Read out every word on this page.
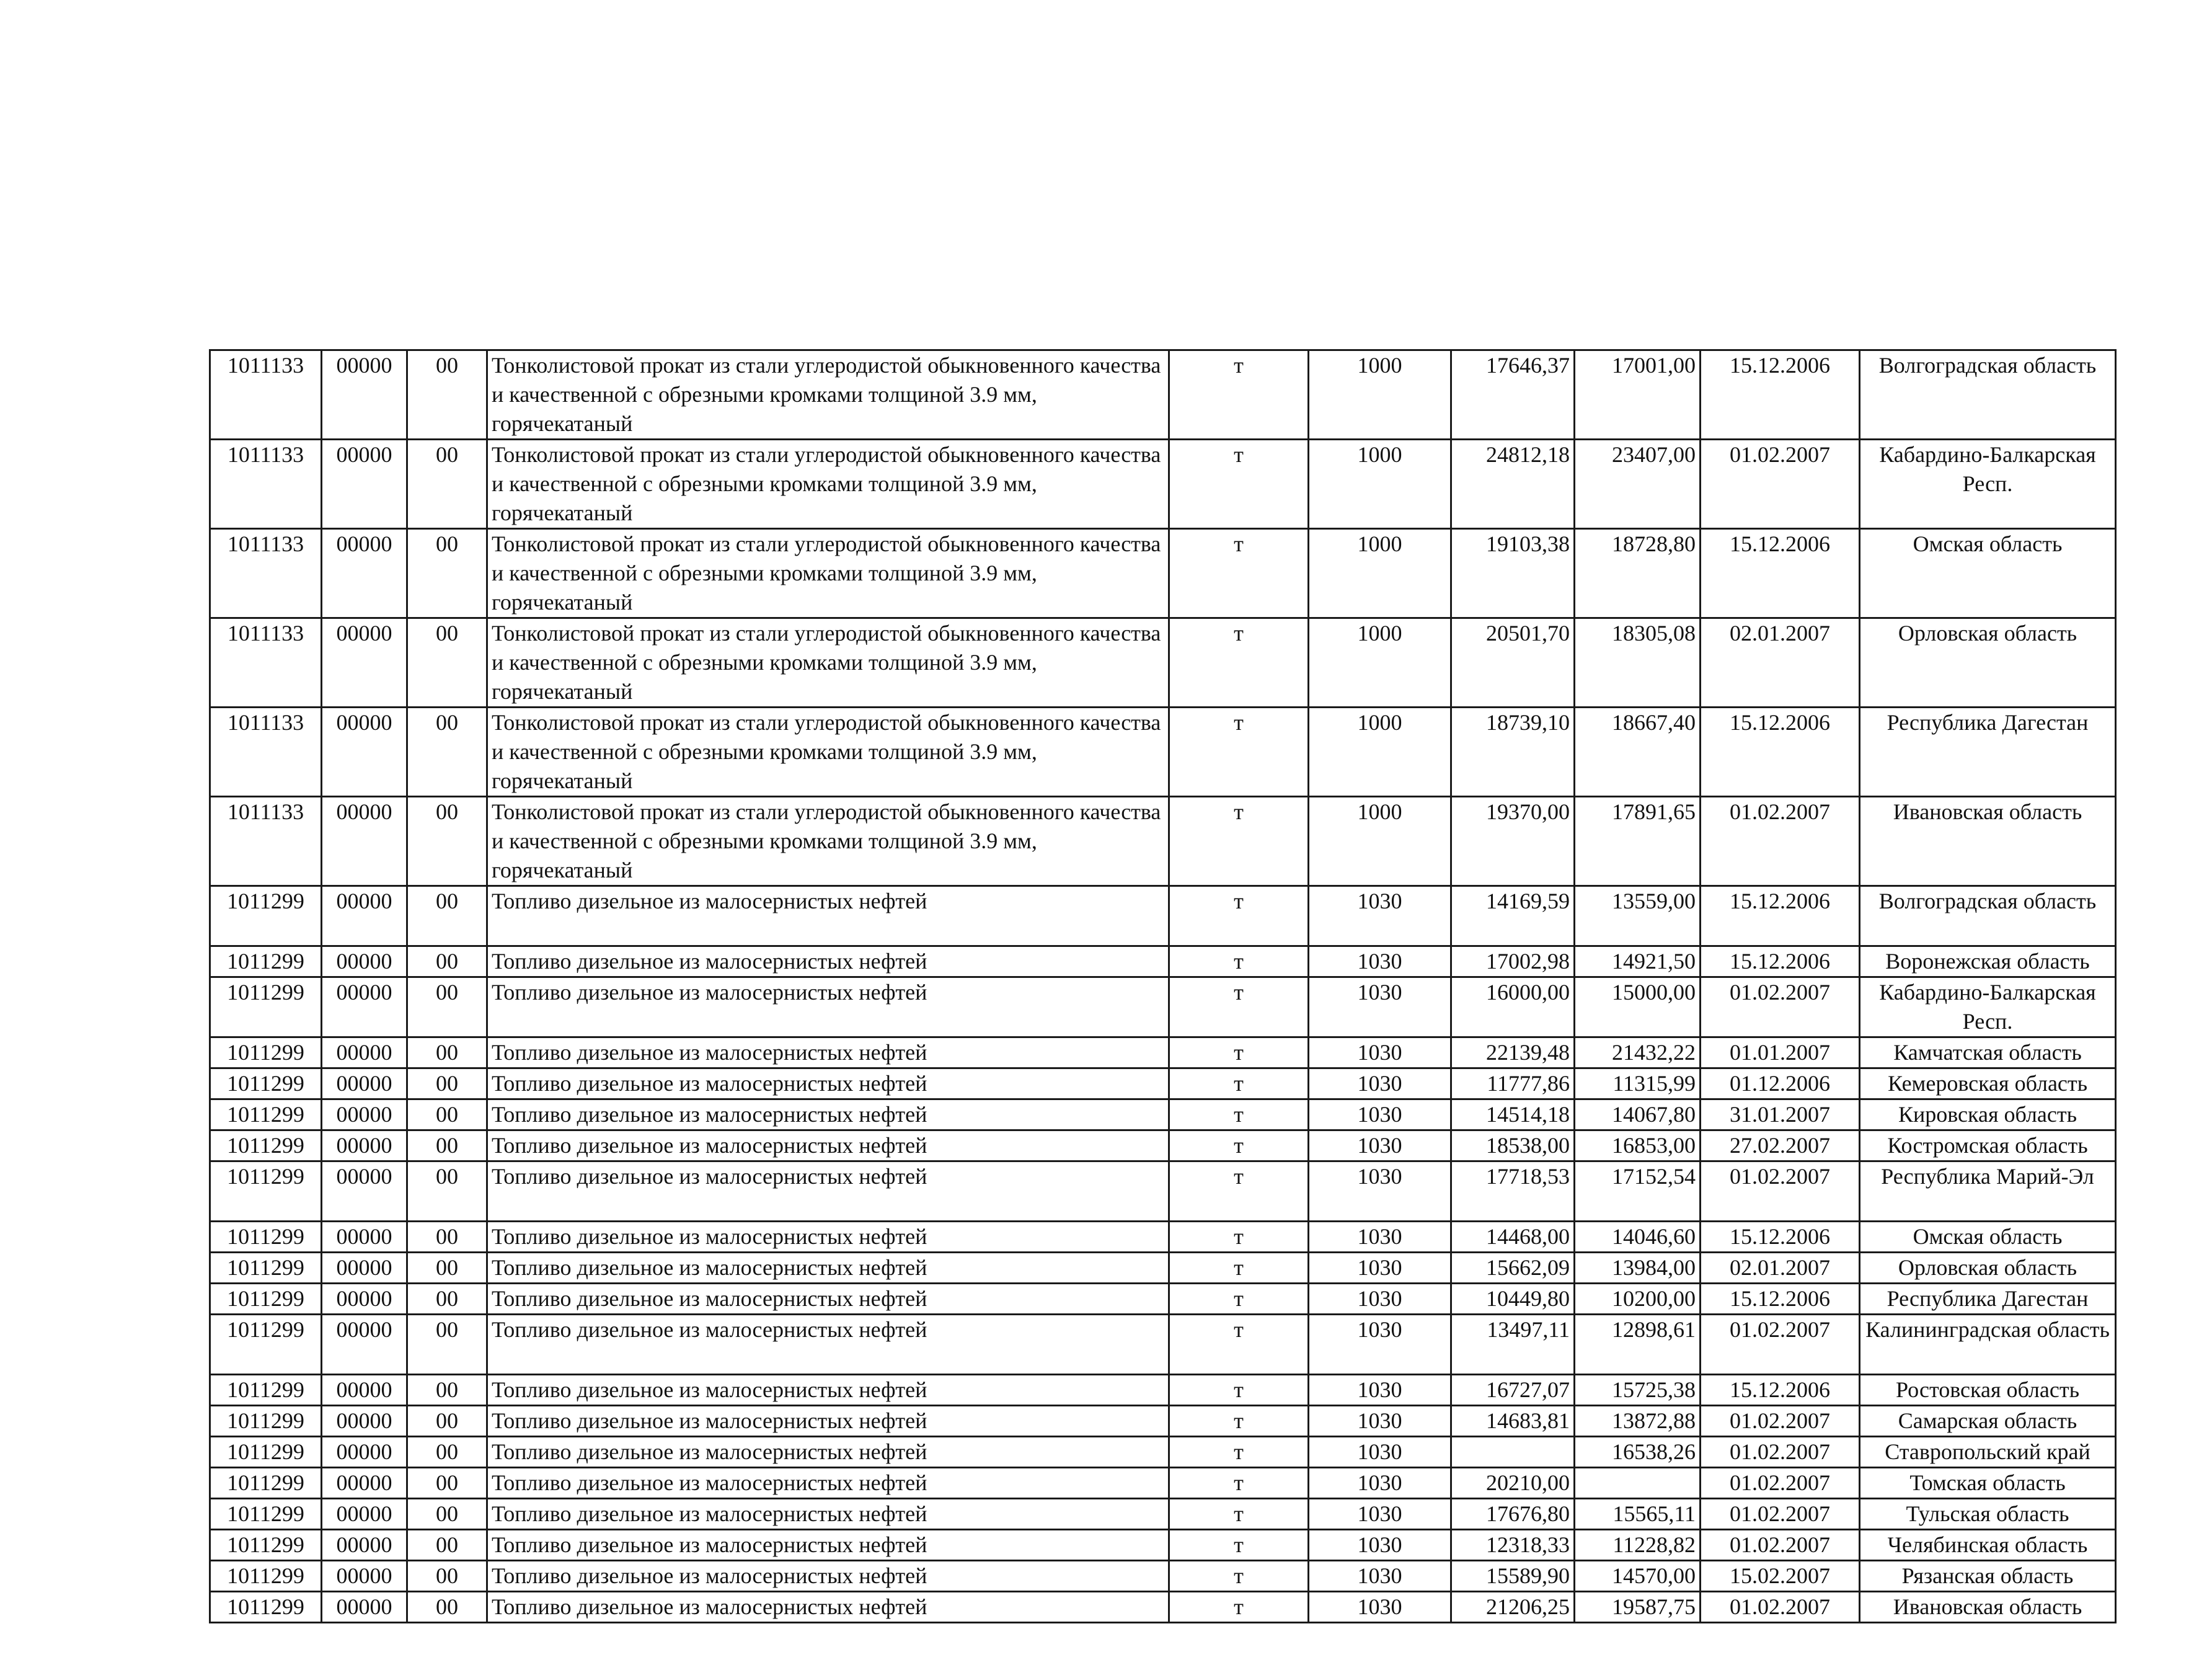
1011133	00000	00	Тонколистовой прокат из стали углеродистой обыкновенного качества и качественной с обрезными кромками толщиной 3.9 мм, горячекатаный	т	1000	17646,37	17001,00	15.12.2006	Волгоградская область
1011133	00000	00	Тонколистовой прокат из стали углеродистой обыкновенного качества и качественной с обрезными кромками толщиной 3.9 мм, горячекатаный	т	1000	24812,18	23407,00	01.02.2007	Кабардино-Балкарская Респ.
1011133	00000	00	Тонколистовой прокат из стали углеродистой обыкновенного качества и качественной с обрезными кромками толщиной 3.9 мм, горячекатаный	т	1000	19103,38	18728,80	15.12.2006	Омская область
1011133	00000	00	Тонколистовой прокат из стали углеродистой обыкновенного качества и качественной с обрезными кромками толщиной 3.9 мм, горячекатаный	т	1000	20501,70	18305,08	02.01.2007	Орловская область
1011133	00000	00	Тонколистовой прокат из стали углеродистой обыкновенного качества и качественной с обрезными кромками толщиной 3.9 мм, горячекатаный	т	1000	18739,10	18667,40	15.12.2006	Республика Дагестан
1011133	00000	00	Тонколистовой прокат из стали углеродистой обыкновенного качества и качественной с обрезными кромками толщиной 3.9 мм, горячекатаный	т	1000	19370,00	17891,65	01.02.2007	Ивановская область
1011299	00000	00	Топливо дизельное из малосернистых нефтей	т	1030	14169,59	13559,00	15.12.2006	Волгоградская область
1011299	00000	00	Топливо дизельное из малосернистых нефтей	т	1030	17002,98	14921,50	15.12.2006	Воронежская область
1011299	00000	00	Топливо дизельное из малосернистых нефтей	т	1030	16000,00	15000,00	01.02.2007	Кабардино-Балкарская Респ.
1011299	00000	00	Топливо дизельное из малосернистых нефтей	т	1030	22139,48	21432,22	01.01.2007	Камчатская область
1011299	00000	00	Топливо дизельное из малосернистых нефтей	т	1030	11777,86	11315,99	01.12.2006	Кемеровская область
1011299	00000	00	Топливо дизельное из малосернистых нефтей	т	1030	14514,18	14067,80	31.01.2007	Кировская область
1011299	00000	00	Топливо дизельное из малосернистых нефтей	т	1030	18538,00	16853,00	27.02.2007	Костромская область
1011299	00000	00	Топливо дизельное из малосернистых нефтей	т	1030	17718,53	17152,54	01.02.2007	Республика Марий-Эл
1011299	00000	00	Топливо дизельное из малосернистых нефтей	т	1030	14468,00	14046,60	15.12.2006	Омская область
1011299	00000	00	Топливо дизельное из малосернистых нефтей	т	1030	15662,09	13984,00	02.01.2007	Орловская область
1011299	00000	00	Топливо дизельное из малосернистых нефтей	т	1030	10449,80	10200,00	15.12.2006	Республика Дагестан
1011299	00000	00	Топливо дизельное из малосернистых нефтей	т	1030	13497,11	12898,61	01.02.2007	Калининградская область
1011299	00000	00	Топливо дизельное из малосернистых нефтей	т	1030	16727,07	15725,38	15.12.2006	Ростовская область
1011299	00000	00	Топливо дизельное из малосернистых нефтей	т	1030	14683,81	13872,88	01.02.2007	Самарская область
1011299	00000	00	Топливо дизельное из малосернистых нефтей	т	1030		16538,26	01.02.2007	Ставропольский край
1011299	00000	00	Топливо дизельное из малосернистых нефтей	т	1030	20210,00		01.02.2007	Томская область
1011299	00000	00	Топливо дизельное из малосернистых нефтей	т	1030	17676,80	15565,11	01.02.2007	Тульская область
1011299	00000	00	Топливо дизельное из малосернистых нефтей	т	1030	12318,33	11228,82	01.02.2007	Челябинская область
1011299	00000	00	Топливо дизельное из малосернистых нефтей	т	1030	15589,90	14570,00	15.02.2007	Рязанская область
1011299	00000	00	Топливо дизельное из малосернистых нефтей	т	1030	21206,25	19587,75	01.02.2007	Ивановская область
